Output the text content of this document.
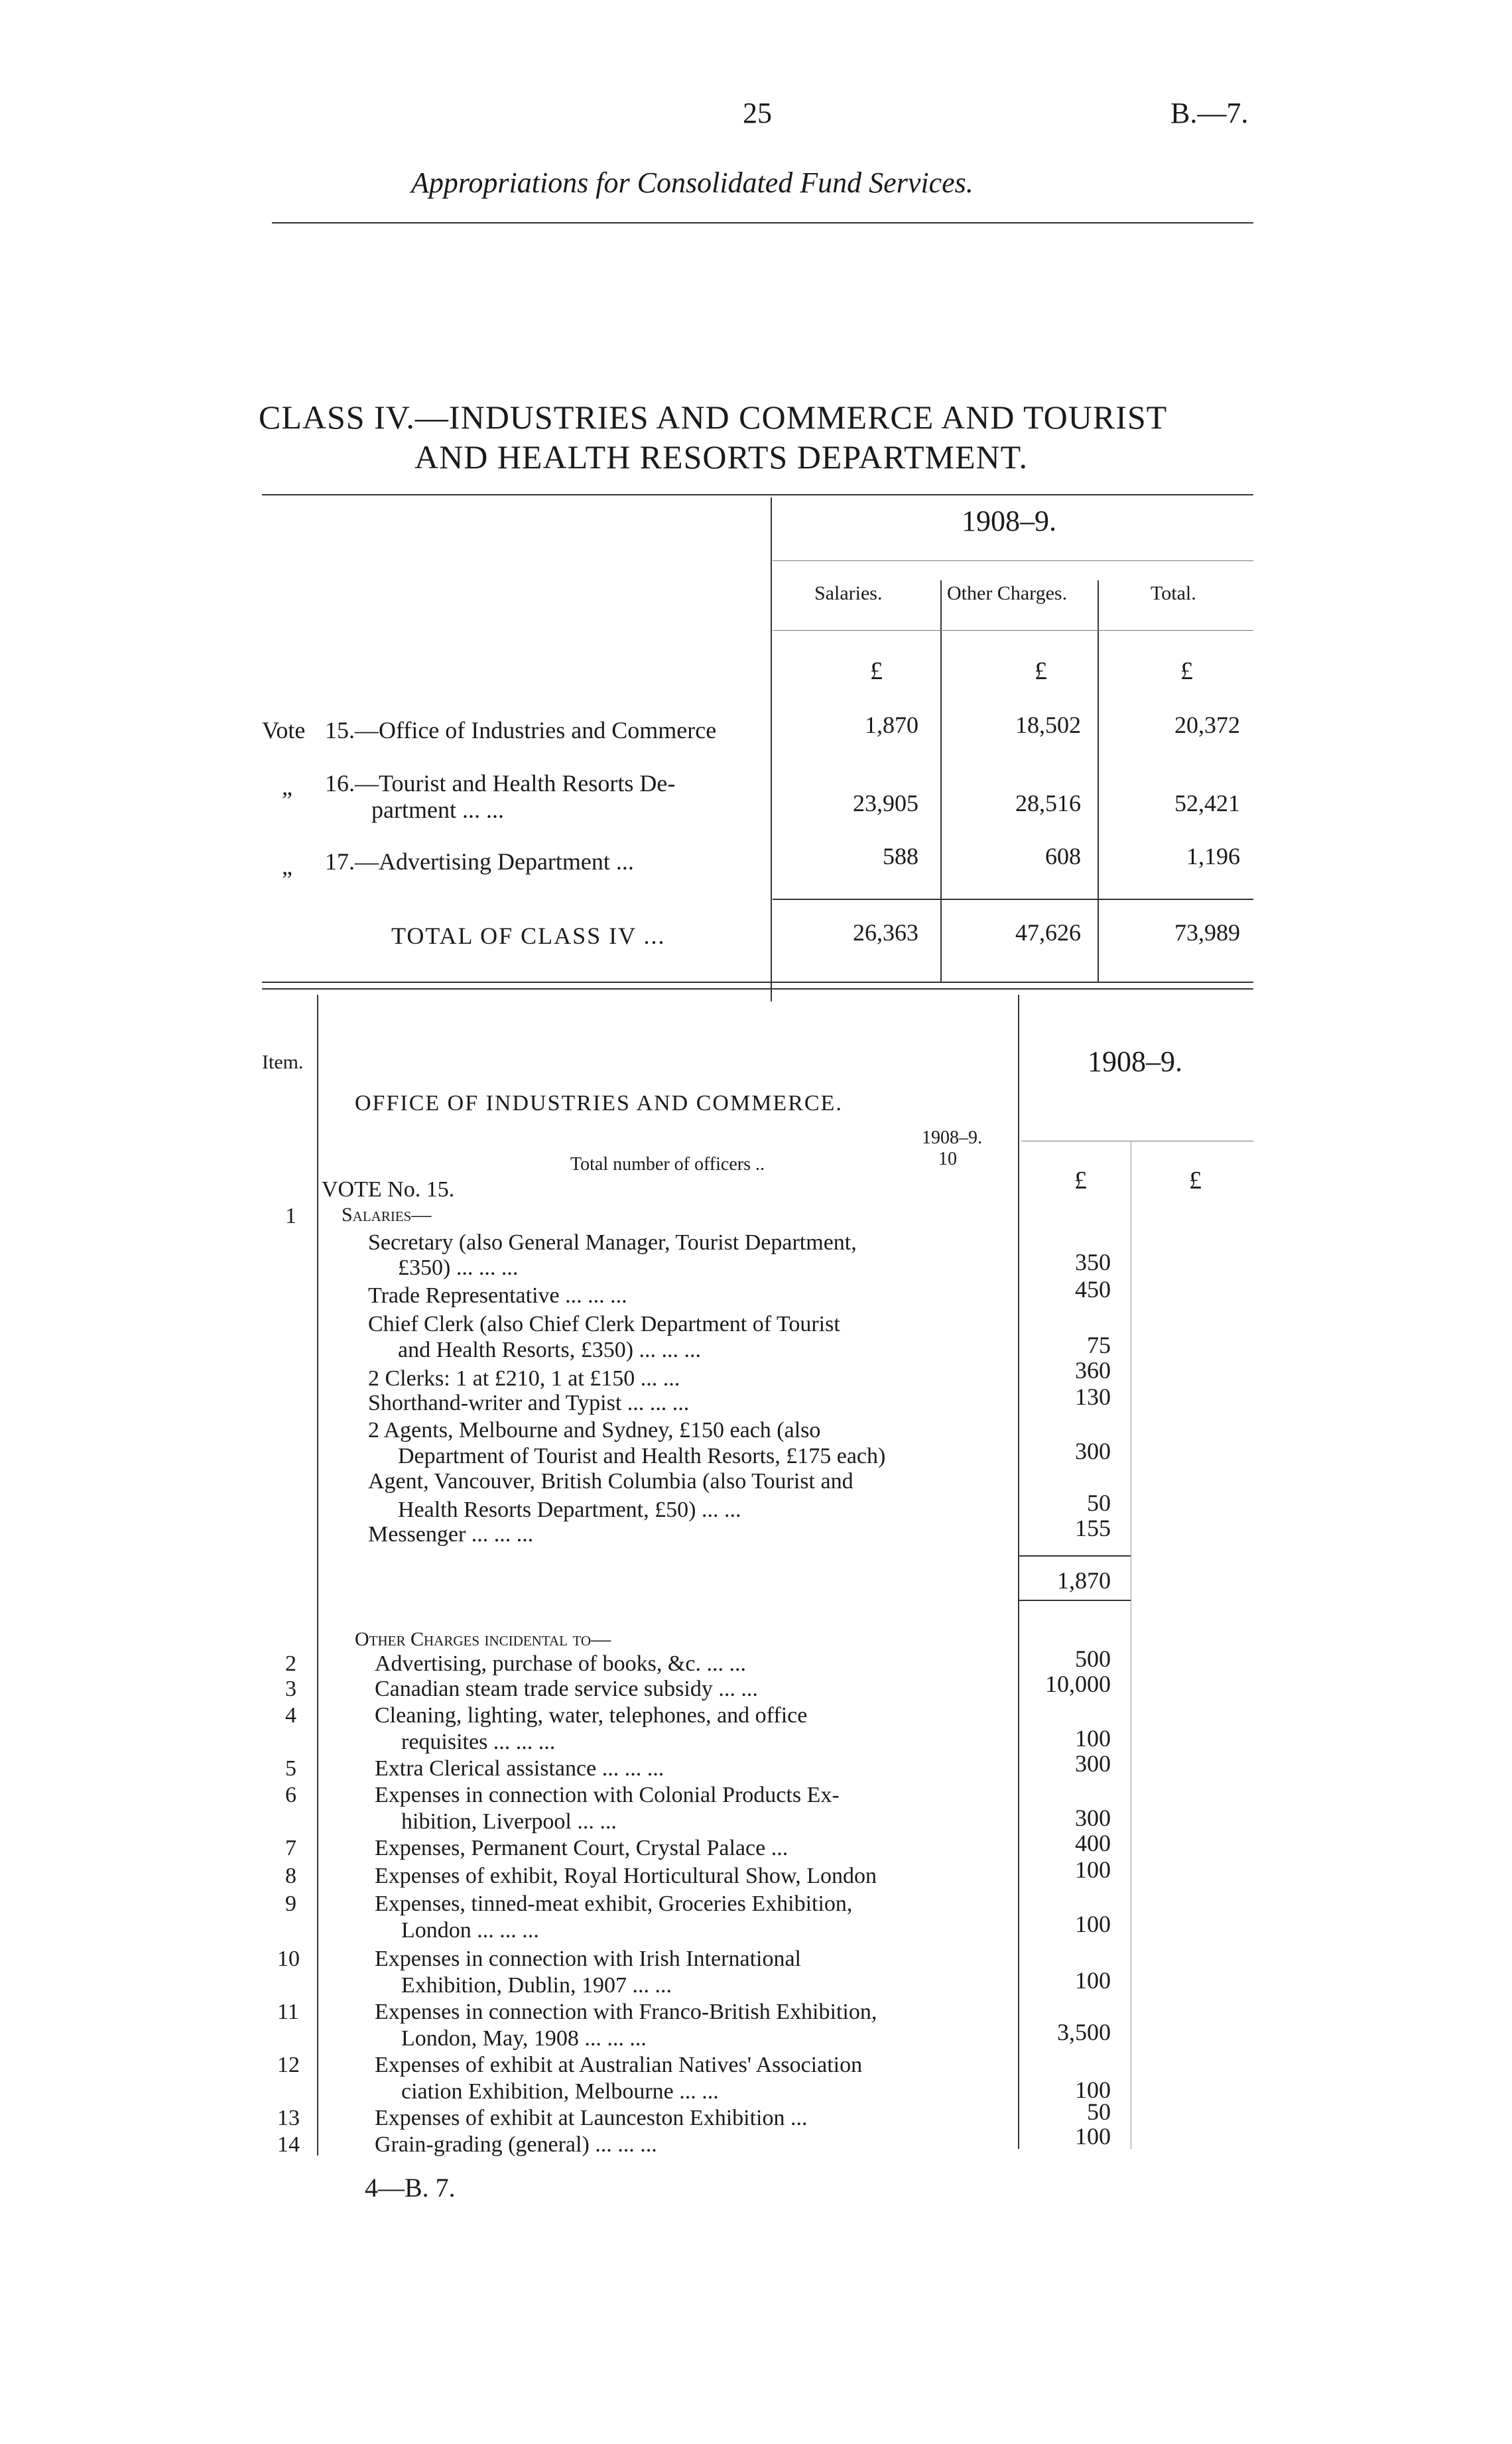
25	B.—7.
Appropriations for Consolidated Fund Services.
CLASS IV.—INDUSTRIES AND COMMERCE AND TOURIST
AND HEALTH RESORTS DEPARTMENT.
1908–9.
Salaries.	Other Charges.	Total.
£	£	£
Vote 15.—Office of Industries and Commerce	1,870	18,502	20,372
„ 16.—Tourist and Health Resorts De-
partment ... ...	23,905	28,516	52,421
„ 17.—Advertising Department ...	588	608	1,196
TOTAL OF CLASS IV ...	26,363	47,626	73,989
Item.	1908–9.
OFFICE OF INDUSTRIES AND COMMERCE.
1908–9.
Total number of officers ..	10
VOTE No. 15.	£	£
1 Salaries—
Secretary (also General Manager, Tourist Department,
£350) ... ... ...	350
Trade Representative ... ... ...	450
Chief Clerk (also Chief Clerk Department of Tourist
and Health Resorts, £350) ... ... ...	75
2 Clerks: 1 at £210, 1 at £150 ... ...	360
Shorthand-writer and Typist ... ... ...	130
2 Agents, Melbourne and Sydney, £150 each (also
Department of Tourist and Health Resorts, £175 each)	300
Agent, Vancouver, British Columbia (also Tourist and
Health Resorts Department, £50) ... ...	50
Messenger ... ... ...	155
1,870
Other Charges incidental to—
2	Advertising, purchase of books, &c. ... ...	500
3	Canadian steam trade service subsidy ... ...	10,000
4	Cleaning, lighting, water, telephones, and office
requisites ... ... ...	100
5	Extra Clerical assistance ... ... ...	300
6	Expenses in connection with Colonial Products Ex-
hibition, Liverpool ... ...	300
7	Expenses, Permanent Court, Crystal Palace ...	400
8	Expenses of exhibit, Royal Horticultural Show, London	100
9	Expenses, tinned-meat exhibit, Groceries Exhibition,
London ... ... ...	100
10	Expenses in connection with Irish International
Exhibition, Dublin, 1907 ... ...	100
11	Expenses in connection with Franco-British Exhibition,
London, May, 1908 ... ... ...	3,500
12	Expenses of exhibit at Australian Natives' Association
ciation Exhibition, Melbourne ... ...	100
13	Expenses of exhibit at Launceston Exhibition ...	50
14	Grain-grading (general) ... ... ...	100
4—B. 7.
